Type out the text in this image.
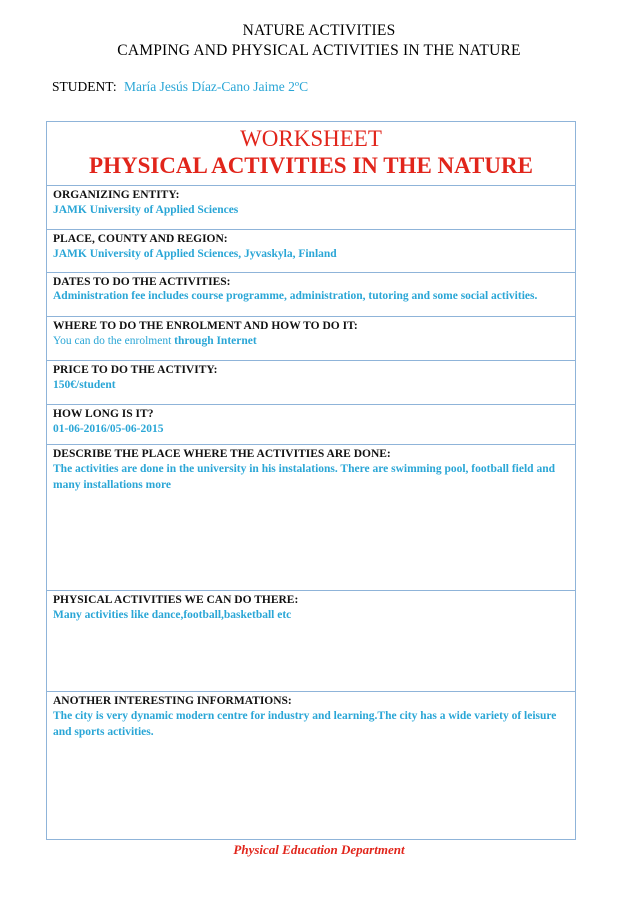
NATURE ACTIVITIES
CAMPING AND PHYSICAL ACTIVITIES IN THE NATURE
STUDENT: María Jesús Díaz-Cano Jaime 2ºC
WORKSHEET
PHYSICAL ACTIVITIES IN THE NATURE
ORGANIZING ENTITY:
JAMK University of Applied Sciences
PLACE, COUNTY AND REGION:
JAMK University of Applied Sciences, Jyvaskyla, Finland
DATES TO DO THE ACTIVITIES:
Administration fee includes course programme, administration, tutoring and some social activities.
WHERE TO DO THE ENROLMENT AND HOW TO DO IT:
You can do the enrolment through Internet
PRICE TO DO THE ACTIVITY:
150€/student
HOW LONG IS IT?
01-06-2016/05-06-2015
DESCRIBE THE PLACE WHERE THE ACTIVITIES ARE DONE:
The activities are done in the university in his instalations. There are swimming pool, football field and many installations more
PHYSICAL ACTIVITIES WE CAN DO THERE:
Many activities like dance,football,basketball etc
ANOTHER INTERESTING INFORMATIONS:
The city is very dynamic modern centre for industry and learning.The city has a wide variety of leisure and sports activities.
Physical Education Department
